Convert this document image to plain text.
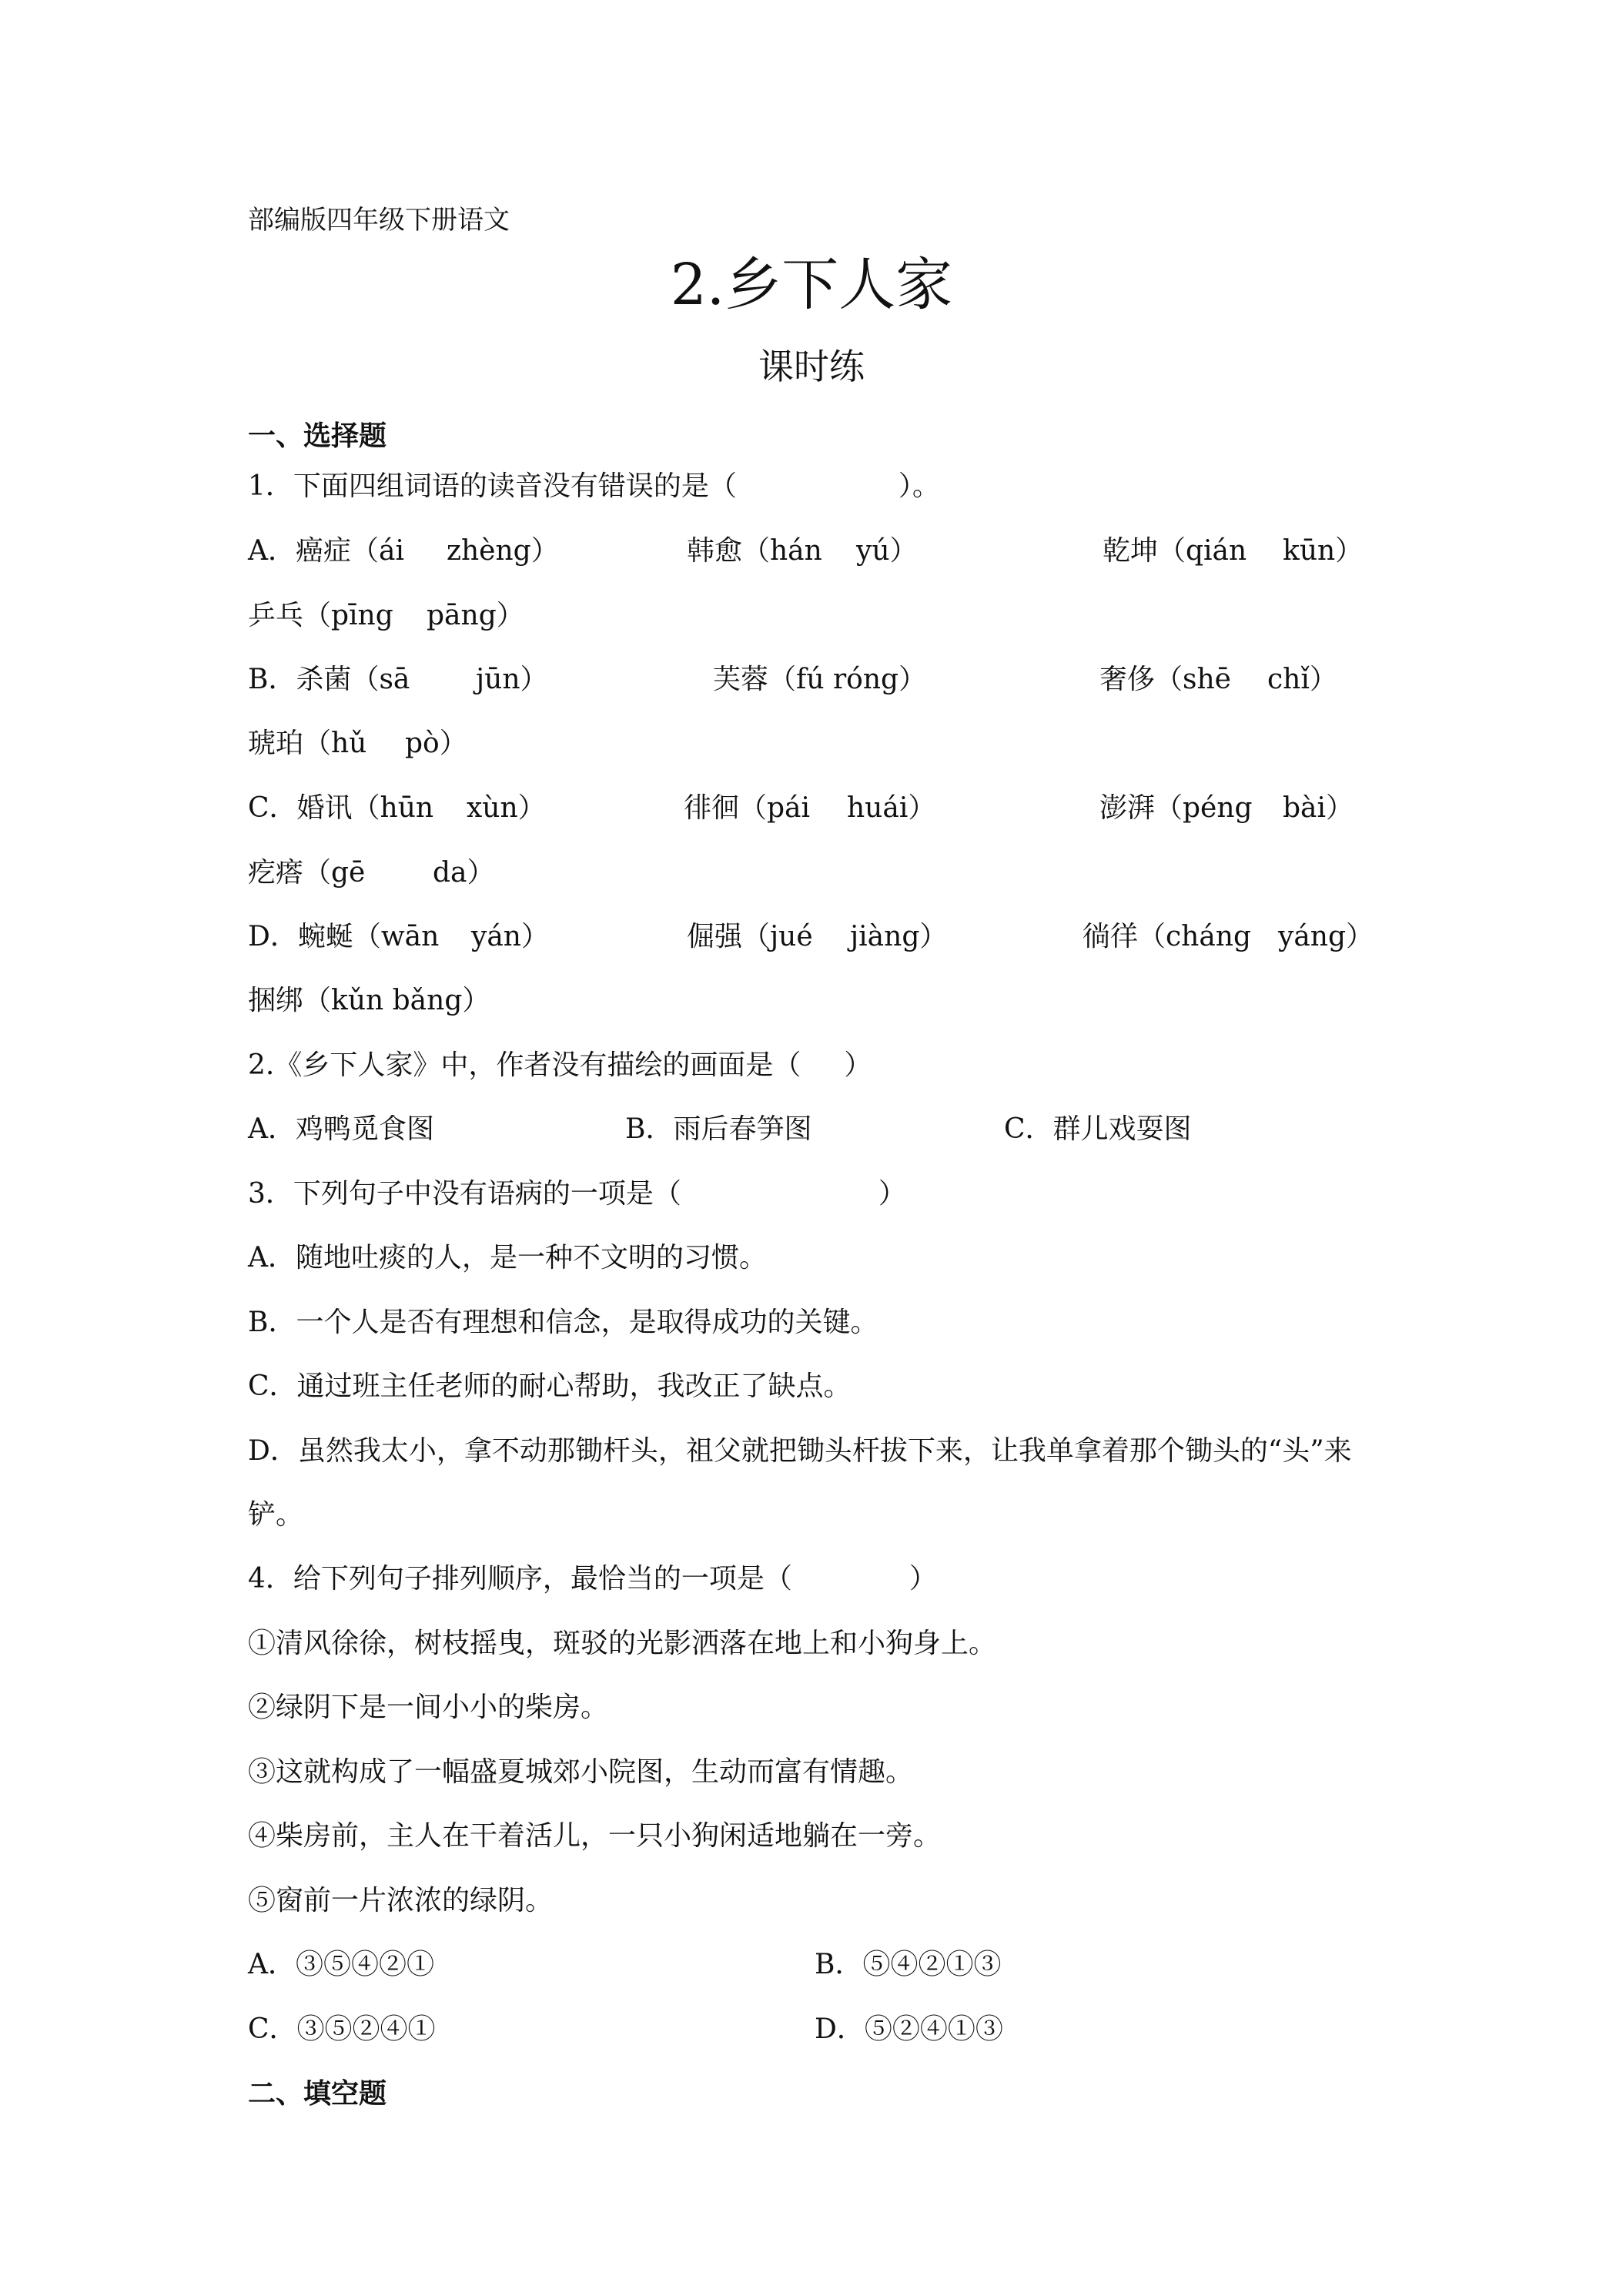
部编版四年级下册语文
2.乡下人家
课时练
一、选择题
1．下面四组词语的读音没有错误的是（	）。
A．癌症（ái zhèng）	韩愈（hán yú）	乾坤（qián kūn）
乒乓（pīng pāng）
B．杀菌（sā jūn）	芙蓉（fú róng）	奢侈（shē chǐ）
琥珀（hǔ pò）
C．婚讯（hūn xùn）	徘徊（pái huái）	澎湃（péng bài）
疙瘩（gē da）
D．蜿蜒（wān yán）	倔强（jué jiàng）	徜徉（cháng yáng）
捆绑（kǔn bǎng）
2.《乡下人家》中，作者没有描绘的画面是（ ）
A．鸡鸭觅食图	B．雨后春笋图	C．群儿戏耍图
3．下列句子中没有语病的一项是（	）
A．随地吐痰的人，是一种不文明的习惯。
B．一个人是否有理想和信念，是取得成功的关键。
C．通过班主任老师的耐心帮助，我改正了缺点。
D．虽然我太小，拿不动那锄杆头，祖父就把锄头杆拔下来，让我单拿着那个锄头的“头”来
铲。
4．给下列句子排列顺序，最恰当的一项是（	）
①清风徐徐，树枝摇曳，斑驳的光影洒落在地上和小狗身上。
②绿阴下是一间小小的柴房。
③这就构成了一幅盛夏城郊小院图，生动而富有情趣。
④柴房前，主人在干着活儿，一只小狗闲适地躺在一旁。
⑤窗前一片浓浓的绿阴。
A．③⑤④②①	B．⑤④②①③
C．③⑤②④①	D．⑤②④①③
二、填空题
